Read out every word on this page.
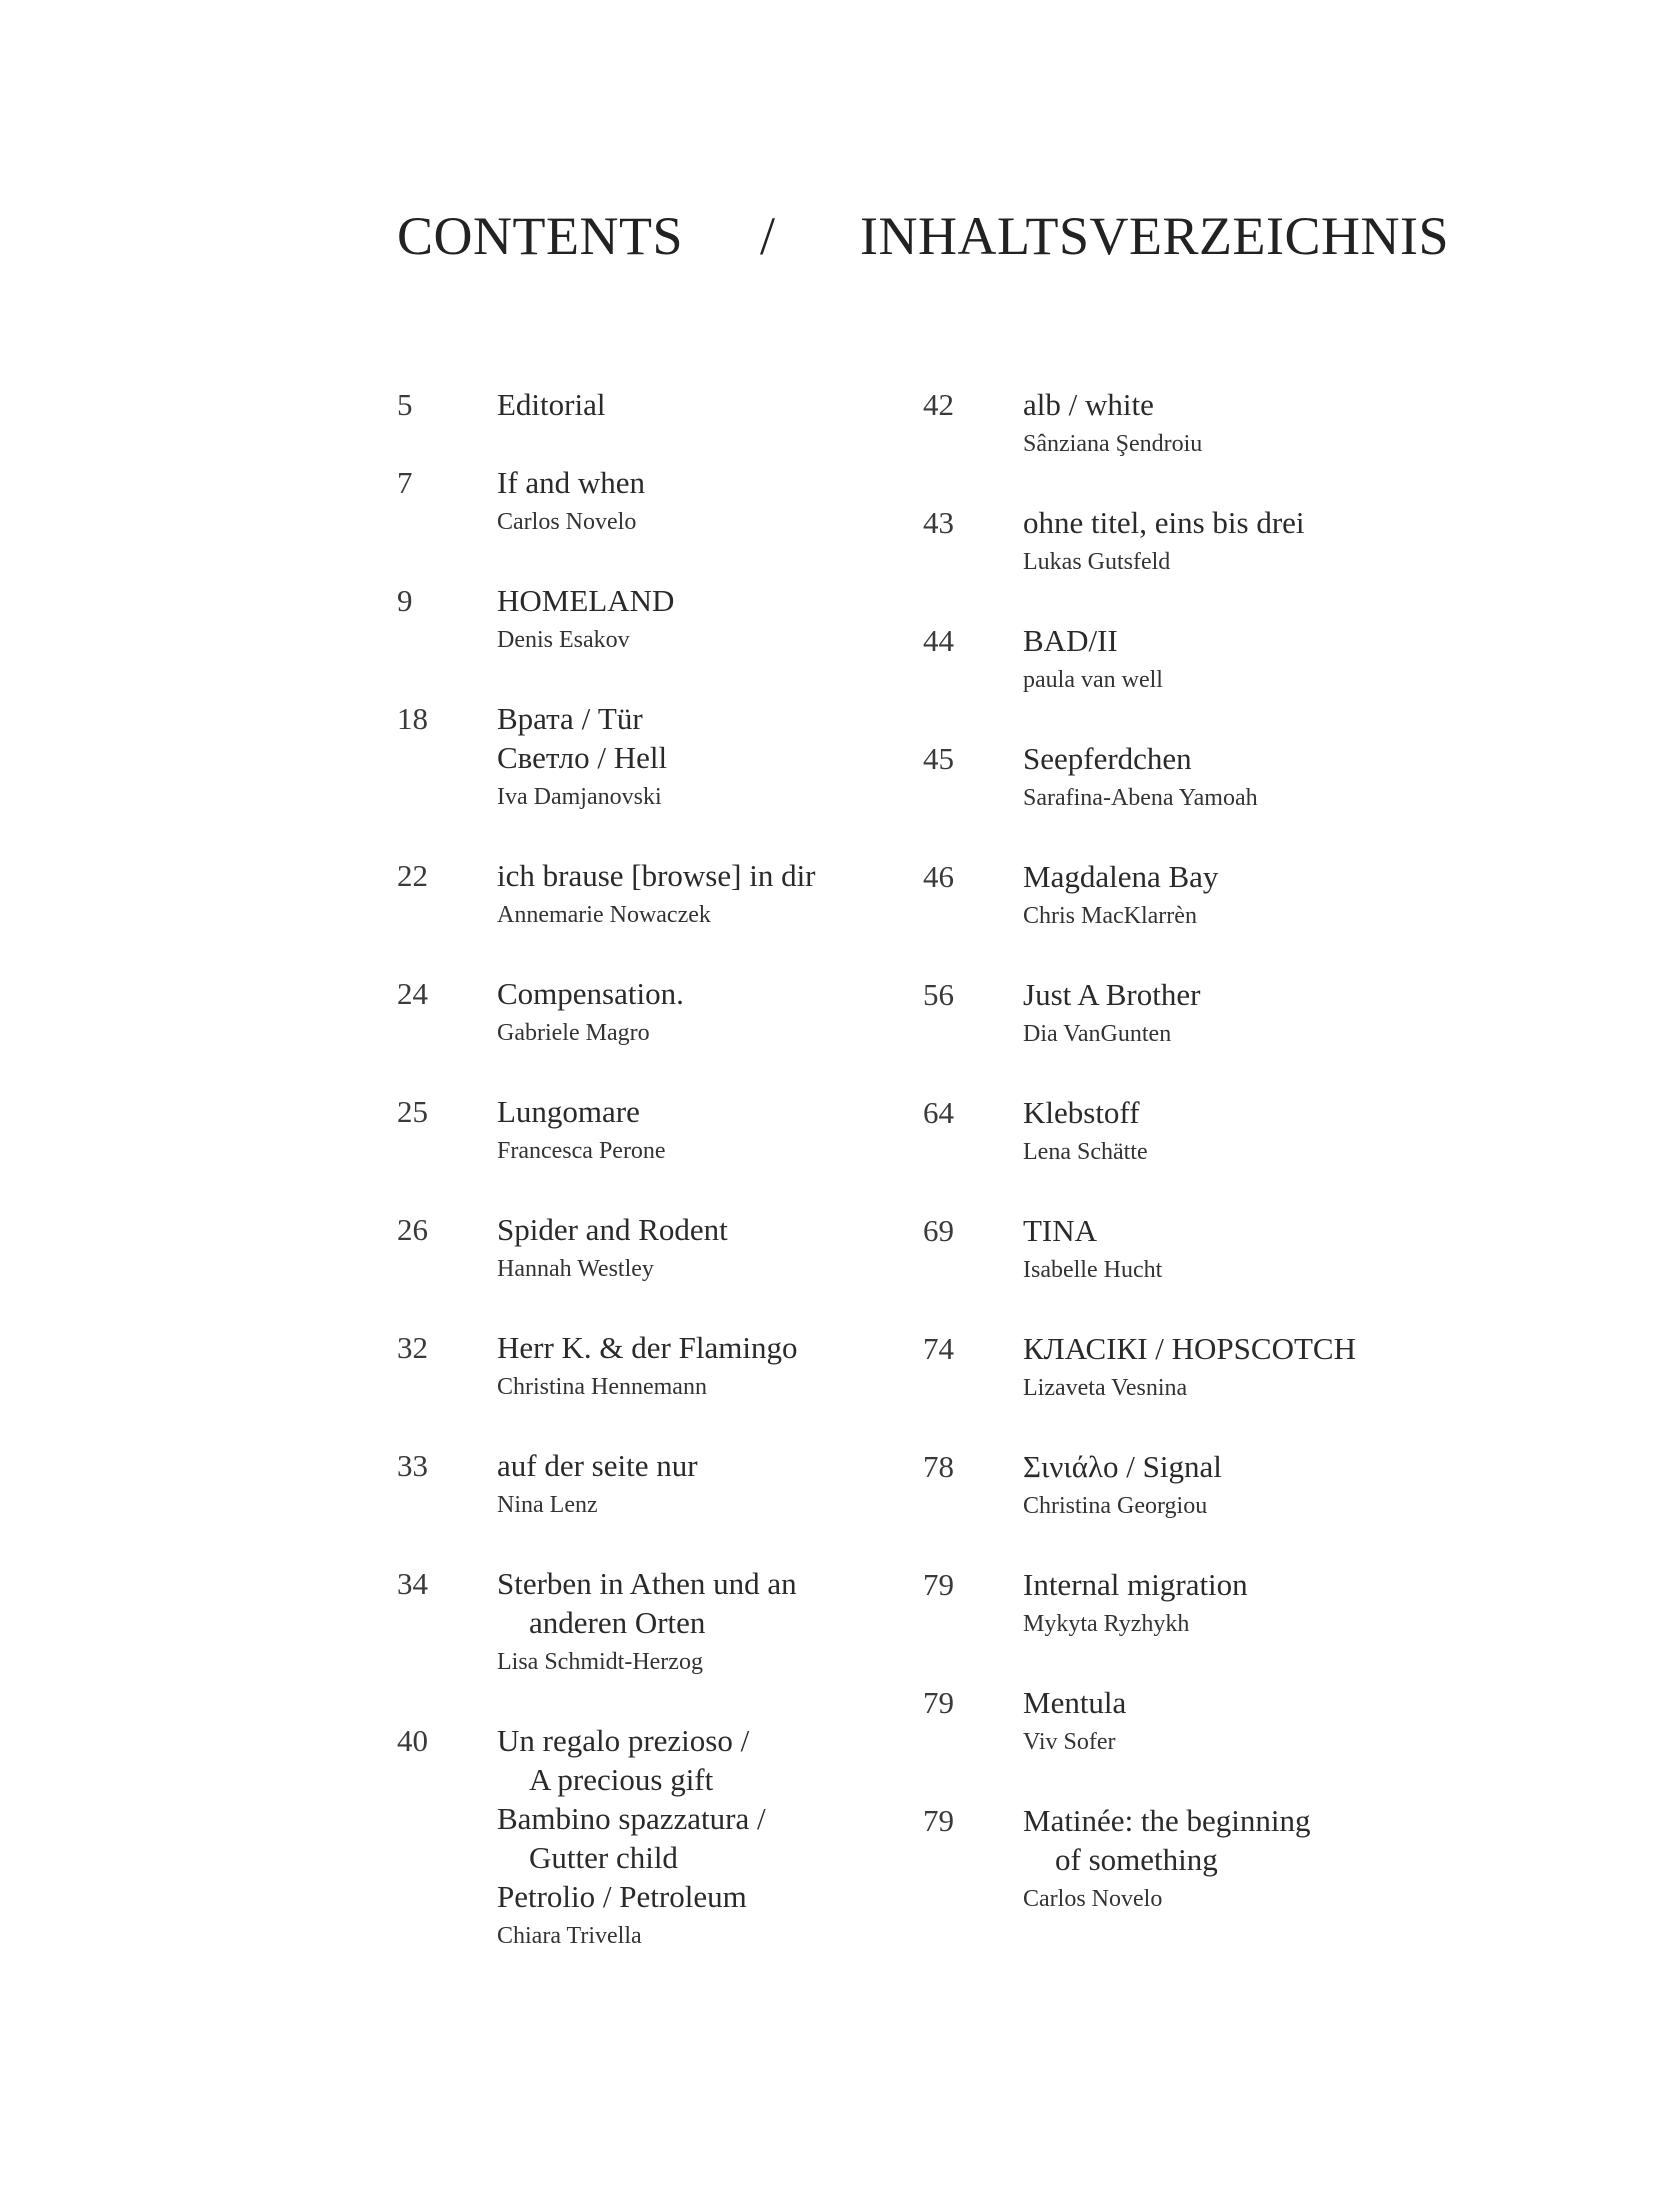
CONTENTS / INHALTSVERZEICHNIS
5	Editorial
7	If and when
Carlos Novelo
9	HOMELAND
Denis Esakov
18	Врата / Tür
Светло / Hell
Iva Damjanovski
22	ich brause [browse] in dir
Annemarie Nowaczek
24	Compensation.
Gabriele Magro
25	Lungomare
Francesca Perone
26	Spider and Rodent
Hannah Westley
32	Herr K. & der Flamingo
Christina Hennemann
33	auf der seite nur
Nina Lenz
34	Sterben in Athen und an
anderen Orten
Lisa Schmidt-Herzog
40	Un regalo prezioso /
A precious gift
Bambino spazzatura /
Gutter child
Petrolio / Petroleum
Chiara Trivella
42	alb / white
Sânziana Şendroiu
43	ohne titel, eins bis drei
Lukas Gutsfeld
44	BAD/II
paula van well
45	Seepferdchen
Sarafina-Abena Yamoah
46	Magdalena Bay
Chris MacKlarrèn
56	Just A Brother
Dia VanGunten
64	Klebstoff
Lena Schätte
69	TINA
Isabelle Hucht
74	КЛАСІКІ / HOPSCOTCH
Lizaveta Vesnina
78	Σινιάλο / Signal
Christina Georgiou
79	Internal migration
Mykyta Ryzhykh
79	Mentula
Viv Sofer
79	Matinée: the beginning
of something
Carlos Novelo
